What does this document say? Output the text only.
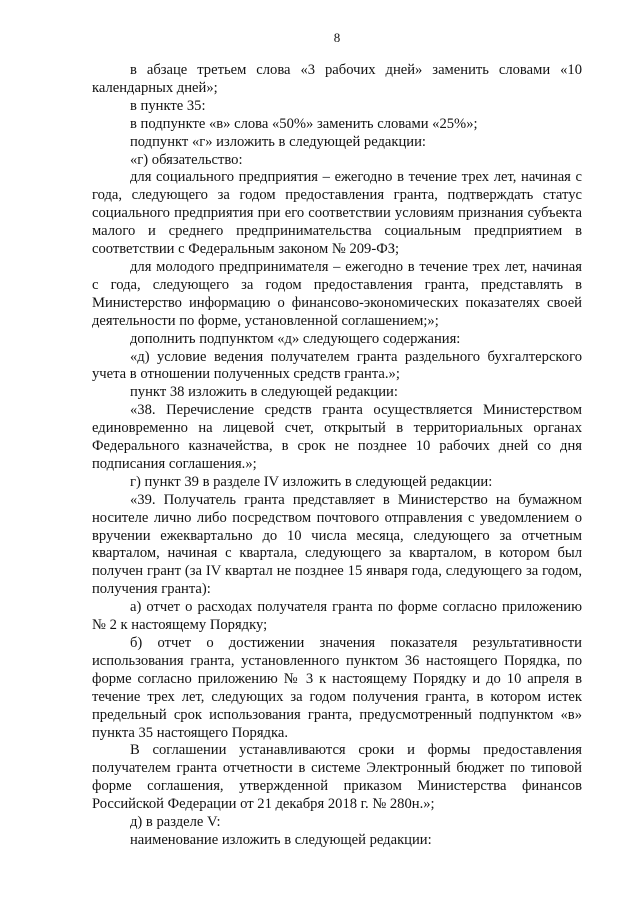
8

в абзаце третьем слова «3 рабочих дней» заменить словами «10 календарных дней»;

в пункте 35:

в подпункте «в» слова «50%» заменить словами «25%»;

подпункт «г» изложить в следующей редакции:

«г) обязательство:

для социального предприятия – ежегодно в течение трех лет, начиная с года, следующего за годом предоставления гранта, подтверждать статус социального предприятия при его соответствии условиям признания субъекта малого и среднего предпринимательства социальным предприятием в соответствии с Федеральным законом № 209-ФЗ;

для молодого предпринимателя – ежегодно в течение трех лет, начиная с года, следующего за годом предоставления гранта, представлять в Министерство информацию о финансово-экономических показателях своей деятельности по форме, установленной соглашением;»;

дополнить подпунктом «д» следующего содержания:

«д) условие ведения получателем гранта раздельного бухгалтерского учета в отношении полученных средств гранта.»;

пункт 38 изложить в следующей редакции:

«38. Перечисление средств гранта осуществляется Министерством единовременно на лицевой счет, открытый в территориальных органах Федерального казначейства, в срок не позднее 10 рабочих дней со дня подписания соглашения.»;

г) пункт 39 в разделе IV изложить в следующей редакции:

«39. Получатель гранта представляет в Министерство на бумажном носителе лично либо посредством почтового отправления с уведомлением о вручении ежеквартально до 10 числа месяца, следующего за отчетным кварталом, начиная с квартала, следующего за кварталом, в котором был получен грант (за IV квартал не позднее 15 января года, следующего за годом, получения гранта):

а) отчет о расходах получателя гранта по форме согласно приложению № 2 к настоящему Порядку;

б) отчет о достижении значения показателя результативности использования гранта, установленного пунктом 36 настоящего Порядка, по форме согласно приложению № 3 к настоящему Порядку и до 10 апреля в течение трех лет, следующих за годом получения гранта, в котором истек предельный срок использования гранта, предусмотренный подпунктом «в» пункта 35 настоящего Порядка.

В соглашении устанавливаются сроки и формы предоставления получателем гранта отчетности в системе Электронный бюджет по типовой форме соглашения, утвержденной приказом Министерства финансов Российской Федерации от 21 декабря 2018 г. № 280н.»;

д) в разделе V:

наименование изложить в следующей редакции:
